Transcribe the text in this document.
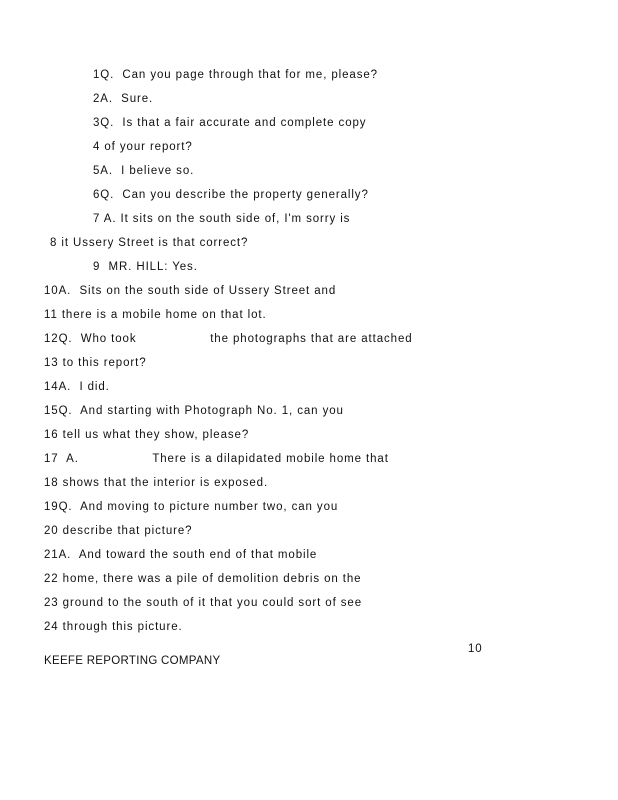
1Q.  Can you page through that for me, please?
2A.  Sure.
3Q.  Is that a fair accurate and complete copy
4 of your report?
5A.  I believe so.
6Q.  Can you describe the property generally?
7 A. It sits on the south side of, I'm sorry is
8 it Ussery Street is that correct?
9  MR. HILL: Yes.
10A.  Sits on the south side of Ussery Street and
11 there is a mobile home on that lot.
12Q.  Who took                  the photographs that are attached
13 to this report?
14A.  I did.
15Q.  And starting with Photograph No. 1, can you
16 tell us what they show, please?
17  A.                  There is a dilapidated mobile home that
18 shows that the interior is exposed.
19Q.  And moving to picture number two, can you
20 describe that picture?
21A.  And toward the south end of that mobile
22 home, there was a pile of demolition debris on the
23 ground to the south of it that you could sort of see
24 through this picture.
10
KEEFE REPORTING COMPANY
